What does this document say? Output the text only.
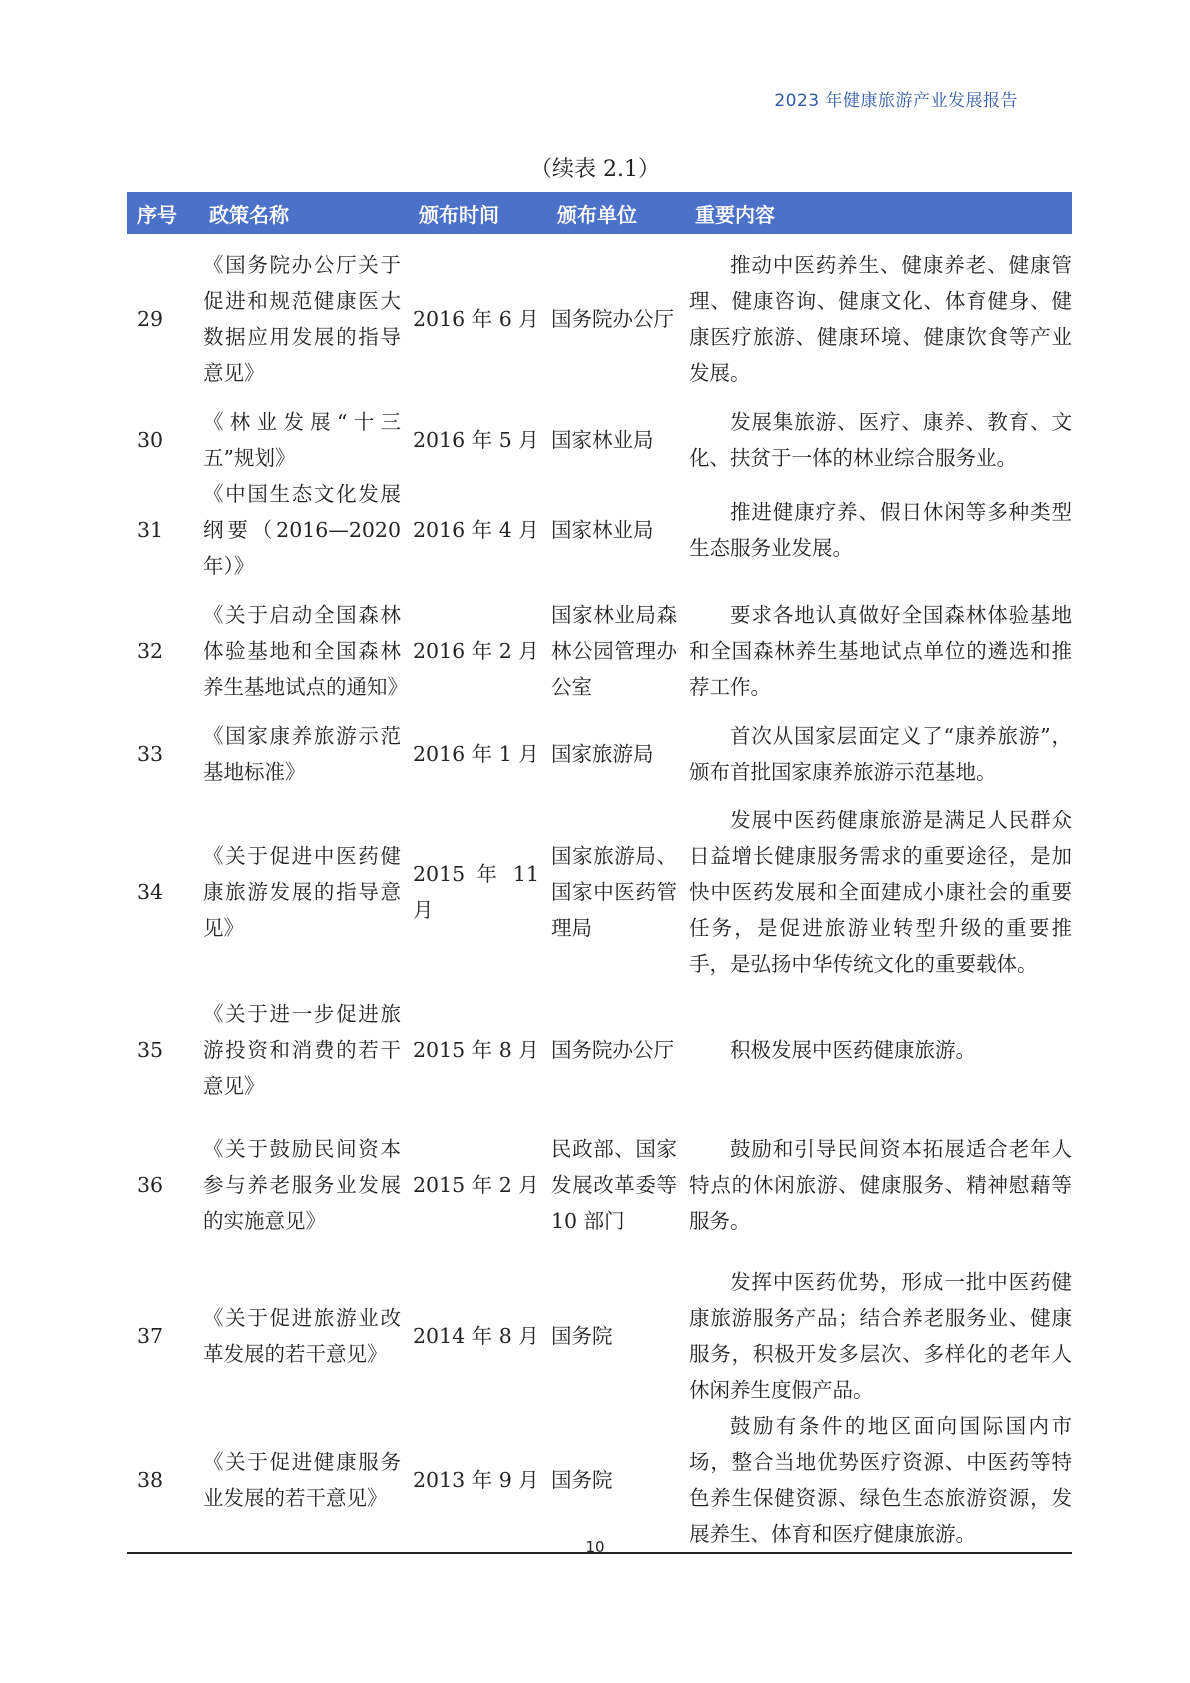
2023 年健康旅游产业发展报告
（续表 2.1）
序号	政策名称	颁布时间	颁布单位	重要内容
29	《国务院办公厅关于促进和规范健康医大数据应用发展的指导意见》	2016 年 6 月	国务院办公厅	推动中医药养生、健康养老、健康管理、健康咨询、健康文化、体育健身、健康医疗旅游、健康环境、健康饮食等产业发展。
30	《林业发展“十三五”规划》	2016 年 5 月	国家林业局	发展集旅游、医疗、康养、教育、文化、扶贫于一体的林业综合服务业。
31	《中国生态文化发展纲要（2016—2020 年）》	2016 年 4 月	国家林业局	推进健康疗养、假日休闲等多种类型生态服务业发展。
32	《关于启动全国森林体验基地和全国森林养生基地试点的通知》	2016 年 2 月	国家林业局森林公园管理办公室	要求各地认真做好全国森林体验基地和全国森林养生基地试点单位的遴选和推荐工作。
33	《国家康养旅游示范基地标准》	2016 年 1 月	国家旅游局	首次从国家层面定义了“康养旅游”，颁布首批国家康养旅游示范基地。
34	《关于促进中医药健康旅游发展的指导意见》	2015 年 11 月	国家旅游局、国家中医药管理局	发展中医药健康旅游是满足人民群众日益增长健康服务需求的重要途径，是加快中医药发展和全面建成小康社会的重要任务，是促进旅游业转型升级的重要推手，是弘扬中华传统文化的重要载体。
35	《关于进一步促进旅游投资和消费的若干意见》	2015 年 8 月	国务院办公厅	积极发展中医药健康旅游。
36	《关于鼓励民间资本参与养老服务业发展的实施意见》	2015 年 2 月	民政部、国家发展改革委等 10 部门	鼓励和引导民间资本拓展适合老年人特点的休闲旅游、健康服务、精神慰藉等服务。
37	《关于促进旅游业改革发展的若干意见》	2014 年 8 月	国务院	发挥中医药优势，形成一批中医药健康旅游服务产品；结合养老服务业、健康服务，积极开发多层次、多样化的老年人休闲养生度假产品。
38	《关于促进健康服务业发展的若干意见》	2013 年 9 月	国务院	鼓励有条件的地区面向国际国内市场，整合当地优势医疗资源、中医药等特色养生保健资源、绿色生态旅游资源，发展养生、体育和医疗健康旅游。
10
